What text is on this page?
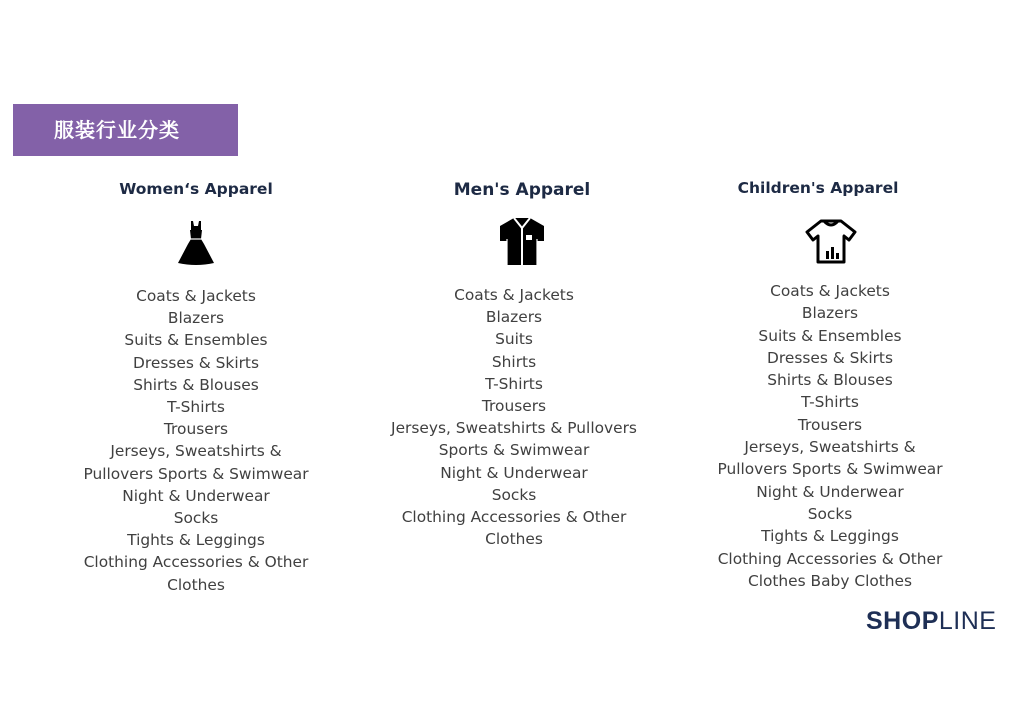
服装行业分类
Women‘s Apparel
Coats & Jackets
Blazers
Suits & Ensembles
Dresses & Skirts
Shirts & Blouses
T-Shirts
Trousers
Jerseys, Sweatshirts &
Pullovers Sports & Swimwear
Night & Underwear
Socks
Tights & Leggings
Clothing Accessories & Other
Clothes
Men's Apparel
Coats & Jackets
Blazers
Suits
Shirts
T-Shirts
Trousers
Jerseys, Sweatshirts & Pullovers
Sports & Swimwear
Night & Underwear
Socks
Clothing Accessories & Other
Clothes
Children's Apparel
Coats & Jackets
Blazers
Suits & Ensembles
Dresses & Skirts
Shirts & Blouses
T-Shirts
Trousers
Jerseys, Sweatshirts &
Pullovers Sports & Swimwear
Night & Underwear
Socks
Tights & Leggings
Clothing Accessories & Other
Clothes Baby Clothes
SHOPLINE
